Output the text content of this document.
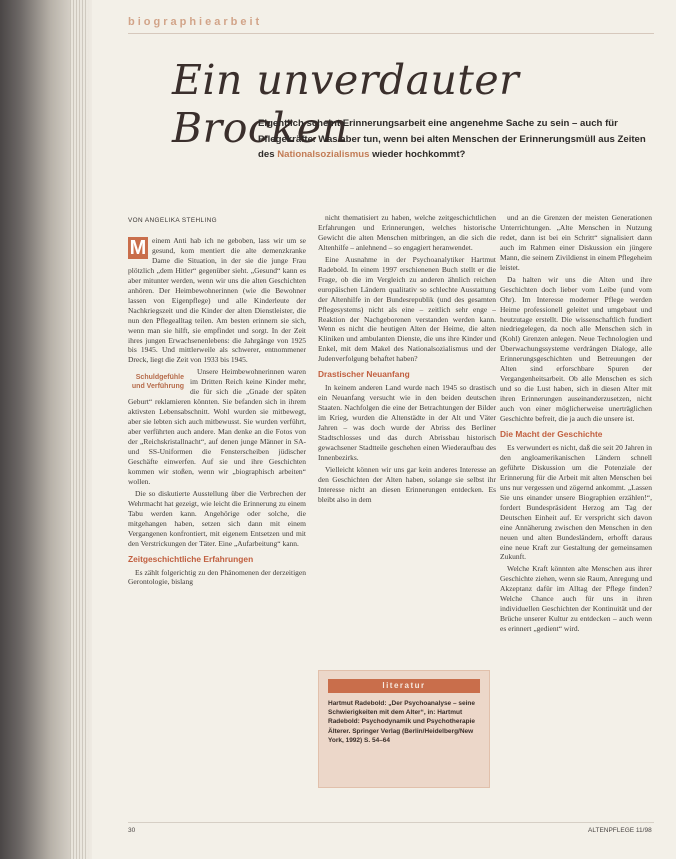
biographiearbeit
Ein unverdauter Brocken
Eigentlich scheint Erinnerungsarbeit eine angenehme Sache zu sein – auch für Pflegekräfte. Was aber tun, wenn bei alten Menschen der Erinnerungsmüll aus Zeiten des Nationalsozialismus wieder hochkommt?
VON ANGELIKA STEHLING

M einem Anti hab ich ne geboben, lass wir um se gesund, kom mentiert die alte demenzkranke Dame die Situation, in der sie die junge Frau plötzlich „dem Hitler“ gegenüber sieht. „Gesund“ kann es aber mitunter werden, wenn wir uns die alten Geschichten anhören. Der Heimbewohnerinnen (wie die Bewohner lassen von Eigenpflege) und alle Kinderleute der Nachkriegszeit und die Kinder der alten Dienstleister, die nun den Pflegealltag teilen. Am besten erinnern sie sich, wenn man sie hilft, sie empfindet und sorgt. In der Zeit ihres jungen Erwachsenenlebens: die Jahrgänge von 1925 bis 1945. Und mittlerweile als schwerer, entnommener Dreck, liegt die Zeit von 1933 bis 1945.

Schuldgefühle und Verführung

Unsere Heimbewohnerinnen waren im Dritten Reich keine Kinder mehr, die für sich die „Gnade der späten Geburt“ reklamieren könnten. Sie befanden sich in ihrem aktivsten Lebensabschnitt. Wohl wurden sie mitbewegt, aber sie lebten sich auch mitbewusst. Sie wurden verführt, aber verführten auch andere. Man denke an die Fotos von der „Reichskristallnacht“, auf denen junge Männer in SA- und SS-Uniformen die Fensterscheiben jüdischer Geschäfte einwerfen. Auf sie und ihre Geschichten kommen wir stoßen, wenn wir „biographisch arbeiten“ wollen.

Die so diskutierte Ausstellung über die Verbrechen der Wehrmacht hat gezeigt, wie leicht die Erinnerung zu einem Tabu werden kann. Angehörige oder solche, die mitgehangen haben, setzen sich dann mit einem Vergangenen konfrontiert, mit eigenem Entsetzen und mit den Verstrickungen der Täter. Eine „Aufarbeitung“ kann.

Zeitgeschichtliche Erfahrungen

Es zählt folgerichtig zu den Phänomenen der derzeitigen Gerontologie, bislang

nicht thematisiert zu haben, welche zeitgeschichtlichen Erfahrungen und Erinnerungen, welches historische Gewicht die alten Menschen mitbringen, an die sich die Altenhilfe – anlehnend – so engagiert heranwendet.

Eine Ausnahme in der Psychoanalytiker Hartmut Radebold. In einem 1997 erschienenen Buch stellt er die Frage, ob die im Vergleich zu anderen ähnlich reichen europäischen Ländern qualitativ so schlechte Ausstattung der Altenhilfe in der Bundesrepublik (und des gesamten Pflegesystems) nicht als eine – zeitlich sehr enge – Reaktion der Nachgeborenen verstanden werden kann. Wenn es nicht die heutigen Alten der Heime, die alten Kliniken und ambulanten Dienste, die uns ihre Kinder und Enkel, mit dem Makel des Nationalsozialismus und der Judenverfolgung behaftet haben?

Drastischer Neuanfang

In keinem anderen Land wurde nach 1945 so drastisch ein Neuanfang versucht wie in den beiden deutschen Staaten. Nachfolgen die eine der Betrachtungen der Bilder im Krieg, wurden die Altenstädte in der Alt und Väter Jahren – was doch wurde der Abriss des Berliner Stadtschlosses und das durch Abrissbau historisch gewachsener Stadtteile geschehen einen Wiederaufbau des Innenbezirks.

Vielleicht können wir uns gar kein anderes Interesse an den Geschichten der Alten haben, solange sie selbst ihr Interesse nicht an diesen Erinnerungen entdecken. Es bleibt also in dem

literatur
Hartmut Radebold: „Der Psychoanalyse – seine Schwierigkeiten mit dem Alter“, in: Hartmut Radebold: Psychodynamik und Psychotherapie Älterer. Springer Verlag (Berlin/Heidelberg/New York, 1992) S. 54–64

und an die Grenzen der meisten Generationen Unterrichtungen. „Alte Menschen in Nutzung redet, dann ist bei ein Schritt“ signalisiert dann auch im Rahmen einer Diskussion ein jüngere Mann, die seinem Zivildienst in einem Pflegeheim leistet.

Da halten wir uns die Alten und ihre Geschichten doch lieber vom Leibe (und vom Ohr). Im Interesse moderner Pflege werden Heime professionell geleitet und umgebaut und heutzutage erstellt. Die wissenschaftlich fundiert niedriegelegen, da noch alle Menschen sich in (Kohl) Grenzen anlegen. Neue Technologien und Überwachungssysteme verdrängen Dialoge, alle Erinnerungsgeschichten und Betreuungen der Alten sind erforschbare Spuren der Vergangenheitsarbeit. Ob alle Menschen es sich und so die Lust haben, sich in diesen Alter mit ihren Erinnerungen auseinanderzusetzen, nicht auch von einer möglicherweise unerträglichen Geschichte befreit, die ja auch die unsere ist.

Die Macht der Geschichte

Es verwundert es nicht, daß die seit 20 Jahren in den angloamerikanischen Ländern schnell geführte Diskussion um die Potenziale der Erinnerung für die Arbeit mit alten Menschen bei uns nur vergessen und zögernd ankommt. „Lassen Sie uns einander unsere Biographien erzählen!“, fordert Bundespräsident Herzog am Tag der Deutschen Einheit auf. Er verspricht sich davon eine Annäherung zwischen den Menschen in den neuen und alten Bundesländern, erhofft daraus eine neue Kraft zur Gestaltung der gemeinsamen Zukunft.

Welche Kraft könnten alte Menschen aus ihrer Geschichte ziehen, wenn sie Raum, Anregung und Akzeptanz dafür im Alltag der Pflege finden? Welche Chance auch für uns in ihren individuellen Geschichten der Kontinuität und der Brüche unserer Kultur zu entdecken – auch wenn es erinnert „gedient“ wird.

30	ALTENPFLEGE 11/98
